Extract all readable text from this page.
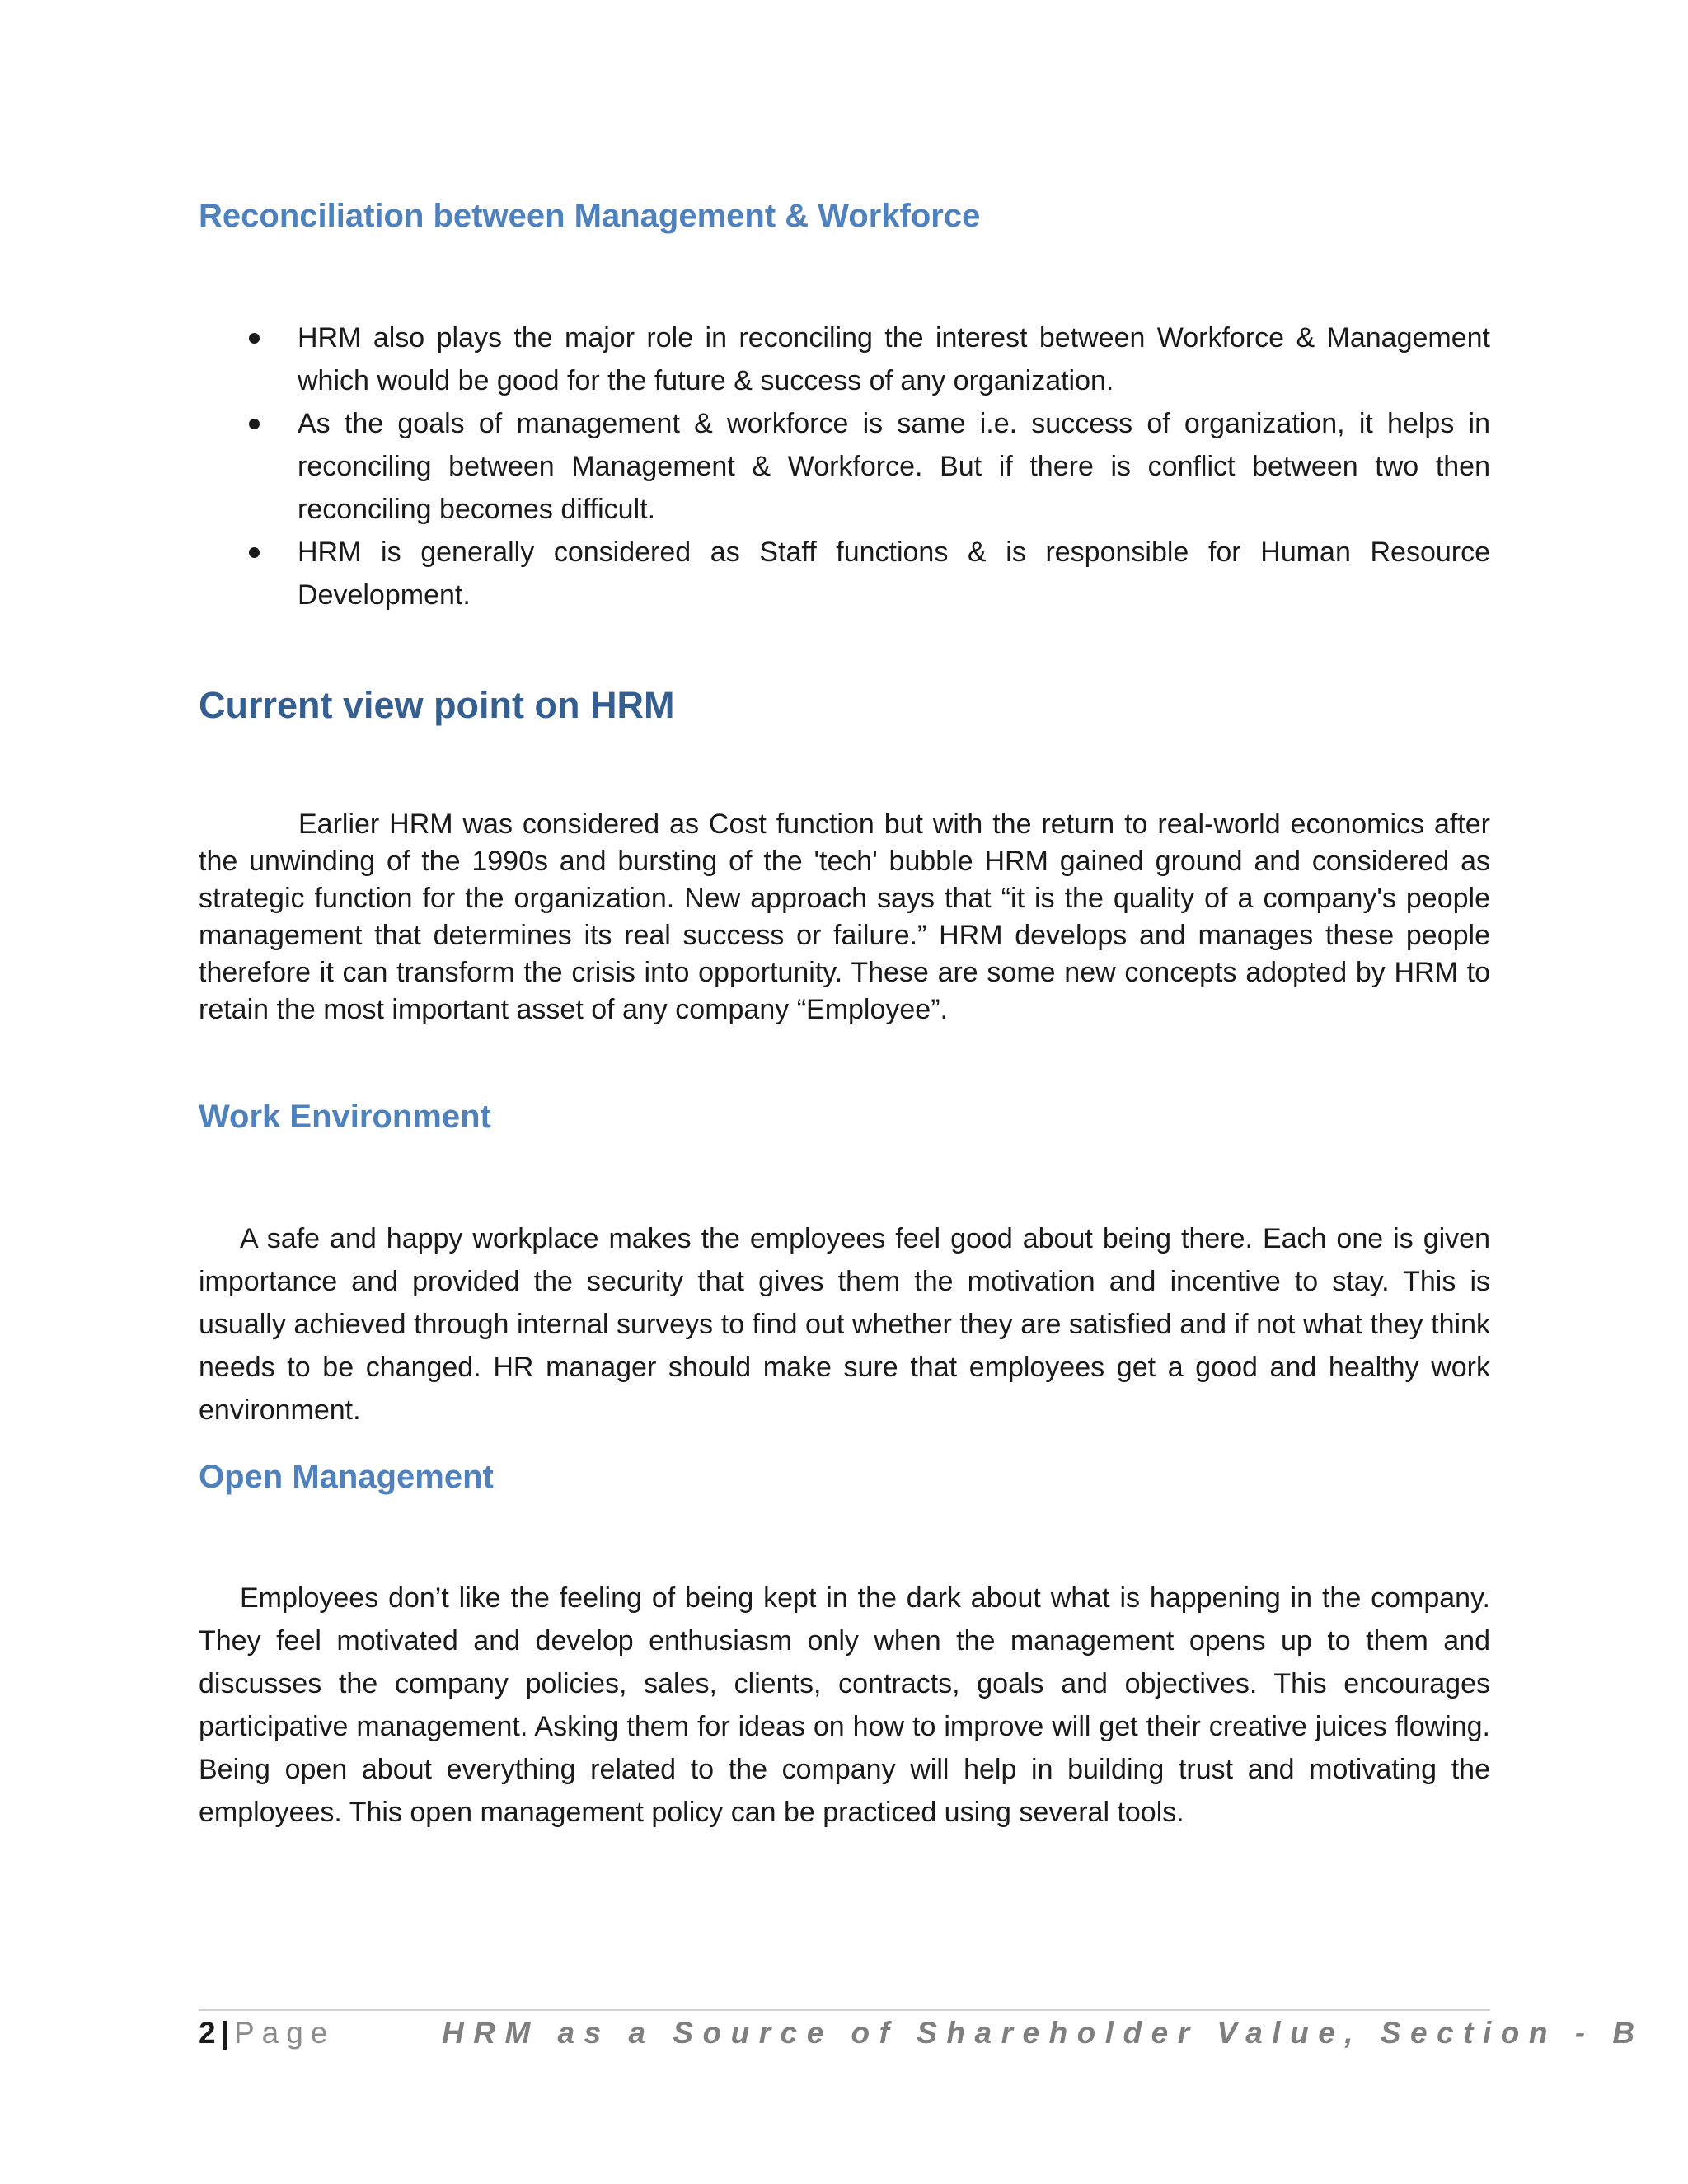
Reconciliation between Management & Workforce
HRM also plays the major role in reconciling the interest between Workforce & Management which would be good for the future & success of any organization.
As the goals of management & workforce is same i.e. success of organization, it helps in reconciling between Management & Workforce. But if there is conflict between two then reconciling becomes difficult.
HRM is generally considered as Staff functions & is responsible for Human Resource Development.
Current view point on HRM

Earlier HRM was considered as Cost function but with the return to real-world economics after the unwinding of the 1990s and bursting of the 'tech' bubble HRM gained ground and considered as strategic function for the organization. New approach says that “it is the quality of a company's people management that determines its real success or failure.” HRM develops and manages these people therefore it can transform the crisis into opportunity. These are some new concepts adopted by HRM to retain the most important asset of any company “Employee”.

Work Environment

A safe and happy workplace makes the employees feel good about being there. Each one is given importance and provided the security that gives them the motivation and incentive to stay. This is usually achieved through internal surveys to find out whether they are satisfied and if not what they think needs to be changed. HR manager should make sure that employees get a good and healthy work environment.

Open Management

Employees don’t like the feeling of being kept in the dark about what is happening in the company. They feel motivated and develop enthusiasm only when the management opens up to them and discusses the company policies, sales, clients, contracts, goals and objectives. This encourages participative management. Asking them for ideas on how to improve will get their creative juices flowing. Being open about everything related to the company will help in building trust and motivating the employees. This open management policy can be practiced using several tools.

2 | Page	HRM as a Source of Shareholder Value, Section - B
